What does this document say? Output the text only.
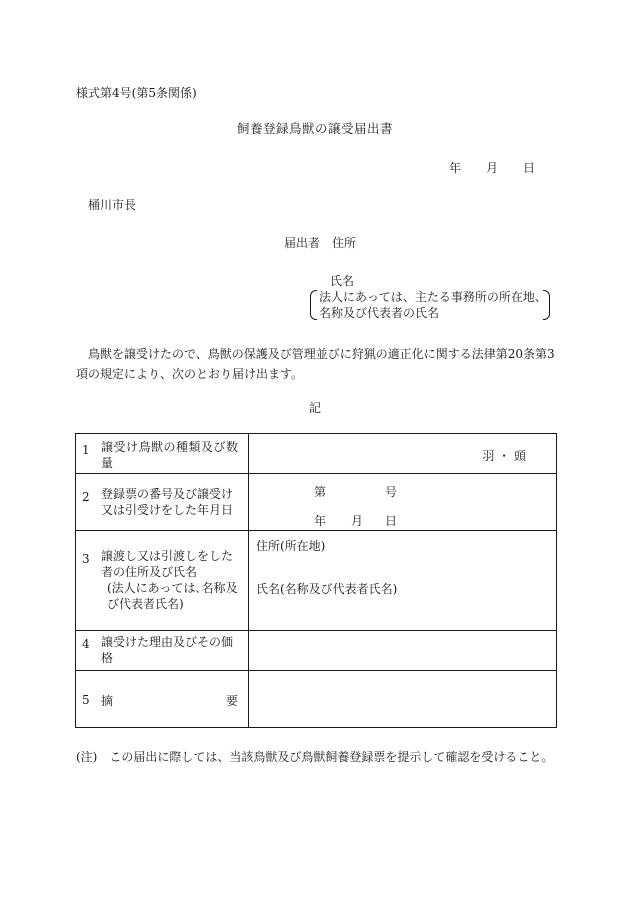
様式第4号(第5条関係)
飼養登録鳥獣の譲受届出書
年 月 日
桶川市長
届出者 住所
氏名
法人にあっては、主たる事務所の所在地、
名称及び代表者の氏名
鳥獣を譲受けたので、鳥獣の保護及び管理並びに狩猟の適正化に関する法律第20条第3項の規定により、次のとおり届け出ます。
記
1 譲受け鳥獣の種類及び数量	羽 ・ 頭

2 登録票の番号及び譲受け又は引受けをした年月日	第 号
年 月 日

3 譲渡し又は引渡しをした者の住所及び氏名
(法人にあっては､名称及び代表者氏名)	住所(所在地)
氏名(名称及び代表者氏名)

4 譲受けた理由及びその価格	

5 摘 要	

(注)　この届出に際しては、当該鳥獣及び鳥獣飼養登録票を提示して確認を受けること。
